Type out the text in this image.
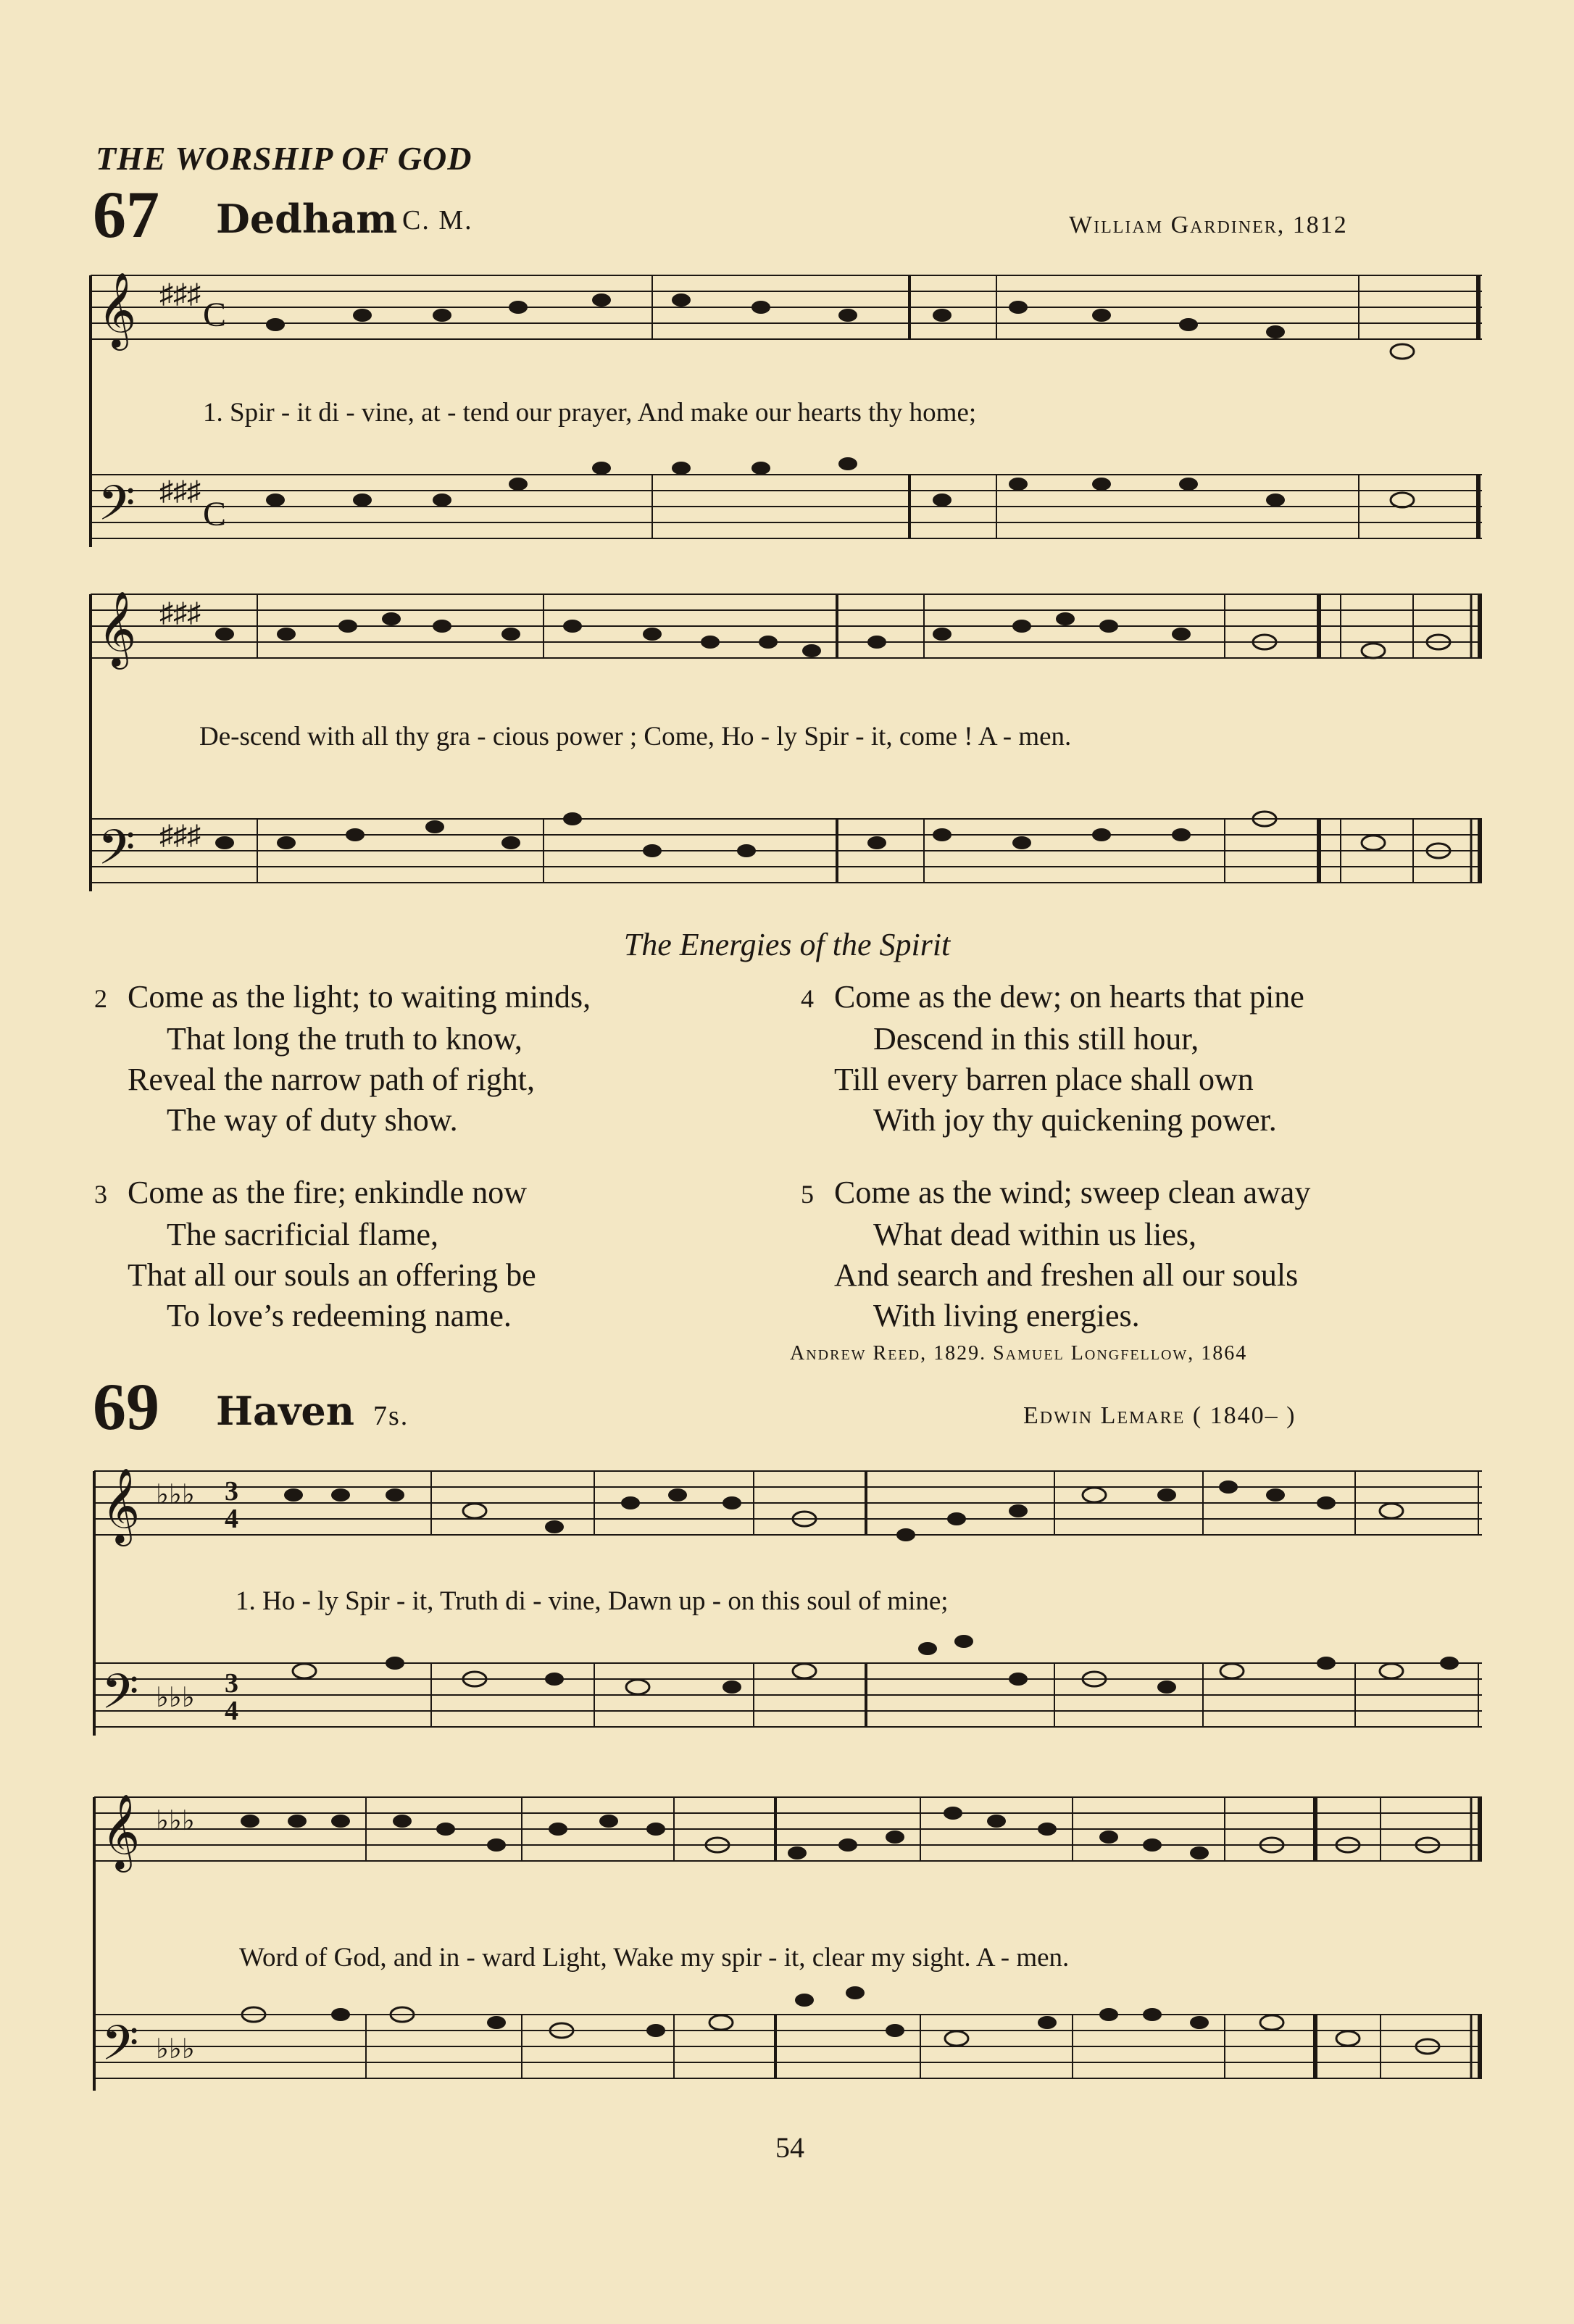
THE WORSHIP OF GOD
67 Dedham C. M.	William Gardiner, 1812
𝄞 ♯♯♯
C
𝄢 ♯♯♯
C
1. Spir - it di - vine, at - tend our prayer, And make our hearts thy home;
𝄞 ♯♯♯
𝄢 ♯♯♯
De-scend with all thy gra - cious power ; Come, Ho - ly Spir - it, come ! A - men.
The Energies of the Spirit
2 Come as the light; to waiting minds,
That long the truth to know,
Reveal the narrow path of right,
The way of duty show.
3 Come as the fire; enkindle now
The sacrificial flame,
That all our souls an offering be
To love’s redeeming name.
4 Come as the dew; on hearts that pine
Descend in this still hour,
Till every barren place shall own
With joy thy quickening power.
5 Come as the wind; sweep clean away
What dead within us lies,
And search and freshen all our souls
With living energies.
Andrew Reed, 1829. Samuel Longfellow, 1864
69 Haven 7s.	Edwin Lemare ( 1840– )
𝄞 ♭♭♭ 3
4
𝄢 ♭♭♭ 3
4
1. Ho - ly Spir - it, Truth di - vine, Dawn up - on this soul of mine;
𝄞 ♭♭♭
𝄢 ♭♭♭
Word of God, and in - ward Light, Wake my spir - it, clear my sight. A - men.
54
